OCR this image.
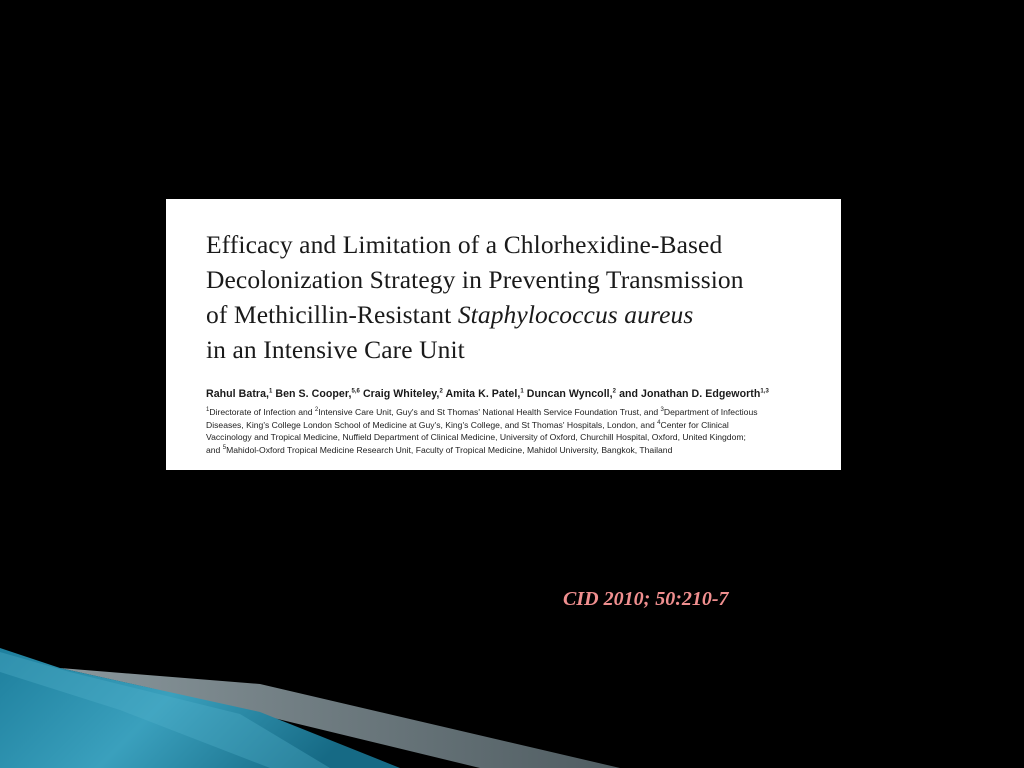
Efficacy and Limitation of a Chlorhexidine-Based
Decolonization Strategy in Preventing Transmission
of Methicillin-Resistant Staphylococcus aureus
in an Intensive Care Unit
Rahul Batra,$^1$ Ben S. Cooper,$^{5,6}$ Craig Whiteley,$^2$ Amita K. Patel,$^1$ Duncan Wyncoll,$^2$ and Jonathan D. Edgeworth$^{1,3}$
$^1$Directorate of Infection and $^2$Intensive Care Unit, Guy's and St Thomas' National Health Service Foundation Trust, and $^3$Department of Infectious
Diseases, King's College London School of Medicine at Guy's, King's College, and St Thomas' Hospitals, London, and $^4$Center for Clinical
Vaccinology and Tropical Medicine, Nuffield Department of Clinical Medicine, University of Oxford, Churchill Hospital, Oxford, United Kingdom;
and $^5$Mahidol-Oxford Tropical Medicine Research Unit, Faculty of Tropical Medicine, Mahidol University, Bangkok, Thailand
CID 2010; 50:210-7
